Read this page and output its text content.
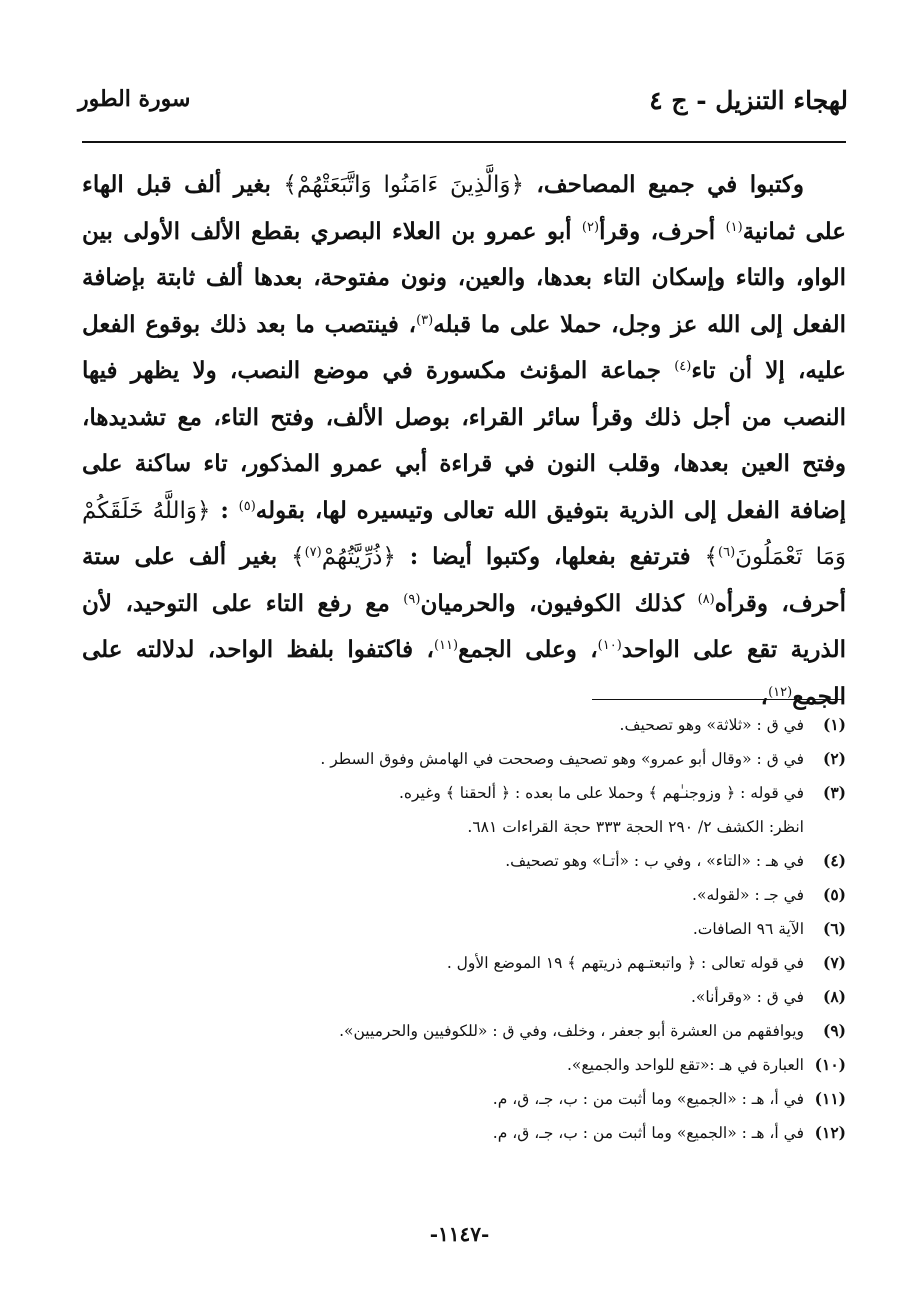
لهجاء التنزيل - ج ٤
سورة الطور

وكتبوا في جميع المصاحف، ﴿وَالَّذِينَ ءَامَنُوا وَاتَّبَعَتْهُمْ﴾ بغير ألف قبل الهاء على ثمانية$^{(١)}$ أحرف، وقرأ$^{(٢)}$ أبو عمرو بن العلاء البصري بقطع الألف الأولى بين الواو، والتاء وإسكان التاء بعدها، والعين، ونون مفتوحة، بعدها ألف ثابتة بإضافة الفعل إلى الله عز وجل، حملا على ما قبله$^{(٣)}$، فينتصب ما بعد ذلك بوقوع الفعل عليه، إلا أن تاء$^{(٤)}$ جماعة المؤنث مكسورة في موضع النصب، ولا يظهر فيها النصب من أجل ذلك وقرأ سائر القراء، بوصل الألف، وفتح التاء، مع تشديدها، وفتح العين بعدها، وقلب النون في قراءة أبي عمرو المذكور، تاء ساكنة على إضافة الفعل إلى الذرية بتوفيق الله تعالى وتيسيره لها، بقوله$^{(٥)}$ : ﴿وَاللَّهُ خَلَقَكُمْ وَمَا تَعْمَلُونَ$^{(٦)}$﴾ فترتفع بفعلها، وكتبوا أيضا : ﴿ذُرِّيَّتُهُمْ$^{(٧)}$﴾ بغير ألف على ستة أحرف، وقرأه$^{(٨)}$ كذلك الكوفيون، والحرميان$^{(٩)}$ مع رفع التاء على التوحيد، لأن الذرية تقع على الواحد$^{(١٠)}$، وعلى الجمع$^{(١١)}$، فاكتفوا بلفظ الواحد، لدلالته على الجمع$^{(١٢)}$،

(١)في ق : «ثلاثة» وهو تصحيف.
(٢)في ق : «وقال أبو عمرو» وهو تصحيف وصححت في الهامش وفوق السطر .
(٣)في قوله : ﴿ وزوجنـٰهم ﴾ وحملا على ما بعده : ﴿ ألحقنا ﴾ وغيره.
انظر: الكشف ٢/ ٢٩٠ الحجة ٣٣٣ حجة القراءات ٦٨١.
(٤)في هـ : «التاء» ، وفي ب : «أتـا» وهو تصحيف.
(٥)في جـ : «لقوله».
(٦)الآية ٩٦ الصافات.
(٧)في قوله تعالى : ﴿ واتبعتـهم ذريتهم ﴾ ١٩ الموضع الأول .
(٨)في ق : «وقرأنا».
(٩)ويوافقهم من العشرة أبو جعفر ، وخلف، وفي ق : «للكوفيين والحرميين».
(١٠)العبارة في هـ :«تقع للواحد والجميع».
(١١)في أ، هـ : «الجميع» وما أثبت من : ب، جـ، ق، م.
(١٢)في أ، هـ : «الجميع» وما أثبت من : ب، جـ، ق، م.
-١١٤٧-
